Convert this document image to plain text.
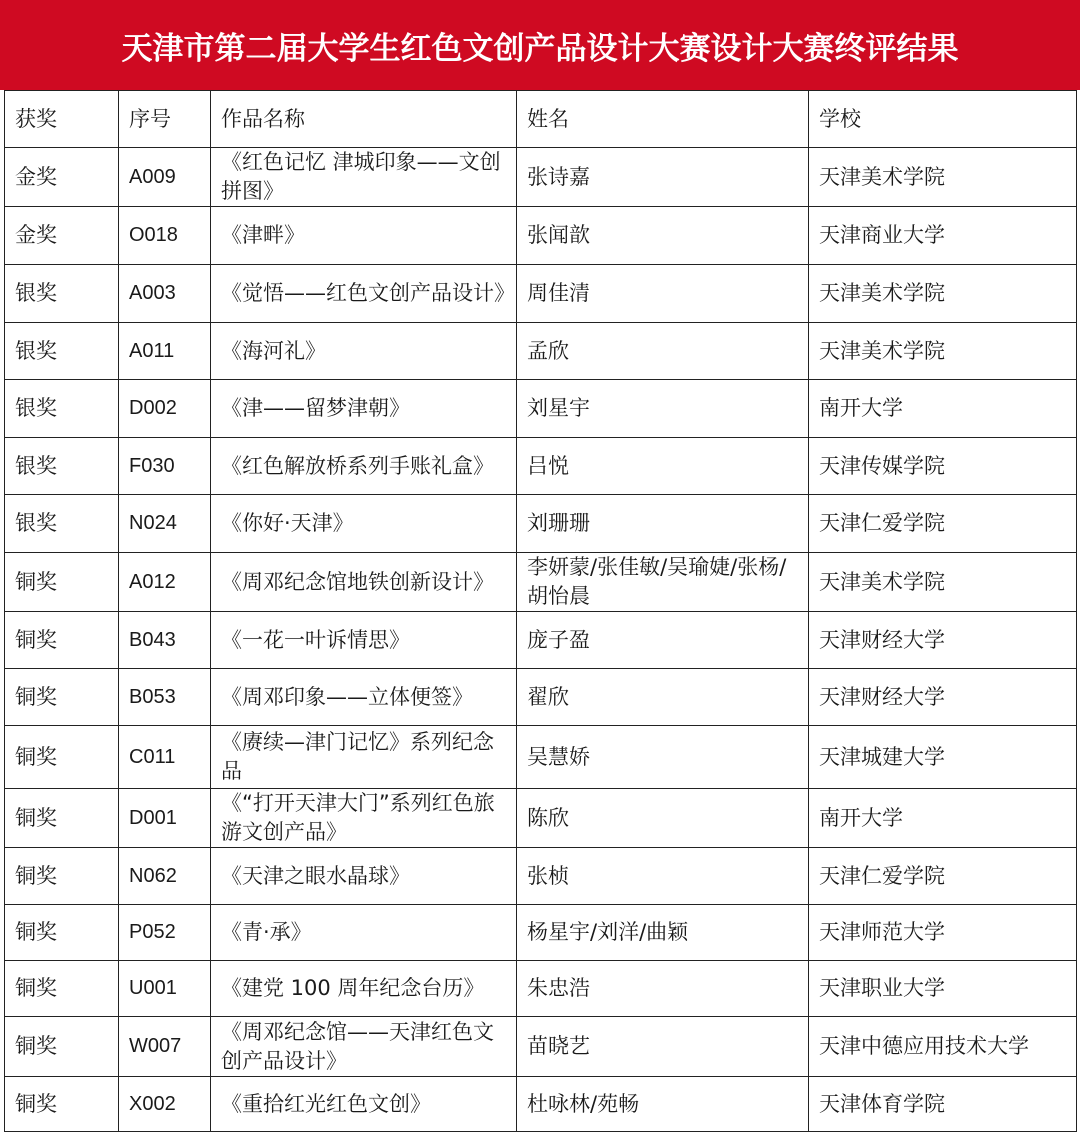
天津市第二届大学生红色文创产品设计大赛设计大赛终评结果
获奖	序号	作品名称	姓名	学校
金奖	A009	《红色记忆 津城印象——文创拼图》	张诗嘉	天津美术学院
金奖	O018	《津畔》	张闻歆	天津商业大学
银奖	A003	《觉悟——红色文创产品设计》	周佳清	天津美术学院
银奖	A011	《海河礼》	孟欣	天津美术学院
银奖	D002	《津——留梦津朝》	刘星宇	南开大学
银奖	F030	《红色解放桥系列手账礼盒》	吕悦	天津传媒学院
银奖	N024	《你好·天津》	刘珊珊	天津仁爱学院
铜奖	A012	《周邓纪念馆地铁创新设计》	李妍蒙/张佳敏/吴瑜婕/张杨/胡怡晨	天津美术学院
铜奖	B043	《一花一叶诉情思》	庞子盈	天津财经大学
铜奖	B053	《周邓印象——立体便签》	翟欣	天津财经大学
铜奖	C011	《赓续—津门记忆》系列纪念品	吴慧娇	天津城建大学
铜奖	D001	《“打开天津大门”系列红色旅游文创产品》	陈欣	南开大学
铜奖	N062	《天津之眼水晶球》	张桢	天津仁爱学院
铜奖	P052	《青·承》	杨星宇/刘洋/曲颖	天津师范大学
铜奖	U001	《建党 100 周年纪念台历》	朱忠浩	天津职业大学
铜奖	W007	《周邓纪念馆——天津红色文创产品设计》	苗晓艺	天津中德应用技术大学
铜奖	X002	《重拾红光红色文创》	杜咏林/苑畅	天津体育学院
